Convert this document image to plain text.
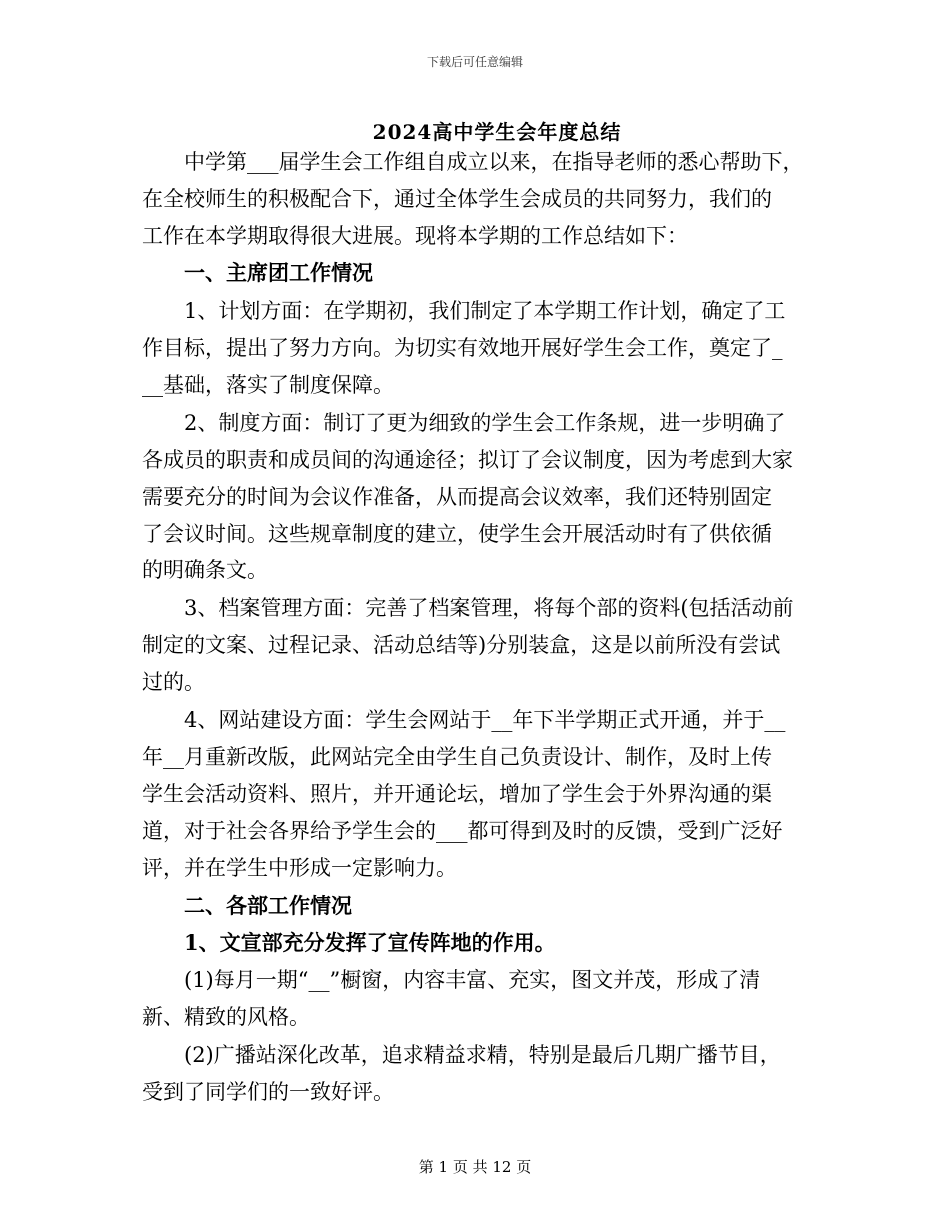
下载后可任意编辑
2024高中学生会年度总结
中学第___届学生会工作组自成立以来，在指导老师的悉心帮助下，
在全校师生的积极配合下，通过全体学生会成员的共同努力，我们的
工作在本学期取得很大进展。现将本学期的工作总结如下：
一、主席团工作情况
1、计划方面：在学期初，我们制定了本学期工作计划，确定了工
作目标，提出了努力方向。为切实有效地开展好学生会工作，奠定了_
__基础，落实了制度保障。
2、制度方面：制订了更为细致的学生会工作条规，进一步明确了
各成员的职责和成员间的沟通途径；拟订了会议制度，因为考虑到大家
需要充分的时间为会议作准备，从而提高会议效率，我们还特别固定
了会议时间。这些规章制度的建立，使学生会开展活动时有了供依循
的明确条文。
3、档案管理方面：完善了档案管理，将每个部的资料(包括活动前
制定的文案、过程记录、活动总结等)分别装盒，这是以前所没有尝试
过的。
4、网站建设方面：学生会网站于__年下半学期正式开通，并于__
年__月重新改版，此网站完全由学生自己负责设计、制作，及时上传
学生会活动资料、照片，并开通论坛，增加了学生会于外界沟通的渠
道，对于社会各界给予学生会的___都可得到及时的反馈，受到广泛好
评，并在学生中形成一定影响力。
二、各部工作情况
1、文宣部充分发挥了宣传阵地的作用。
(1)每月一期“__”橱窗，内容丰富、充实，图文并茂，形成了清
新、精致的风格。
(2)广播站深化改革，追求精益求精，特别是最后几期广播节目，
受到了同学们的一致好评。
第 1 页 共 12 页
